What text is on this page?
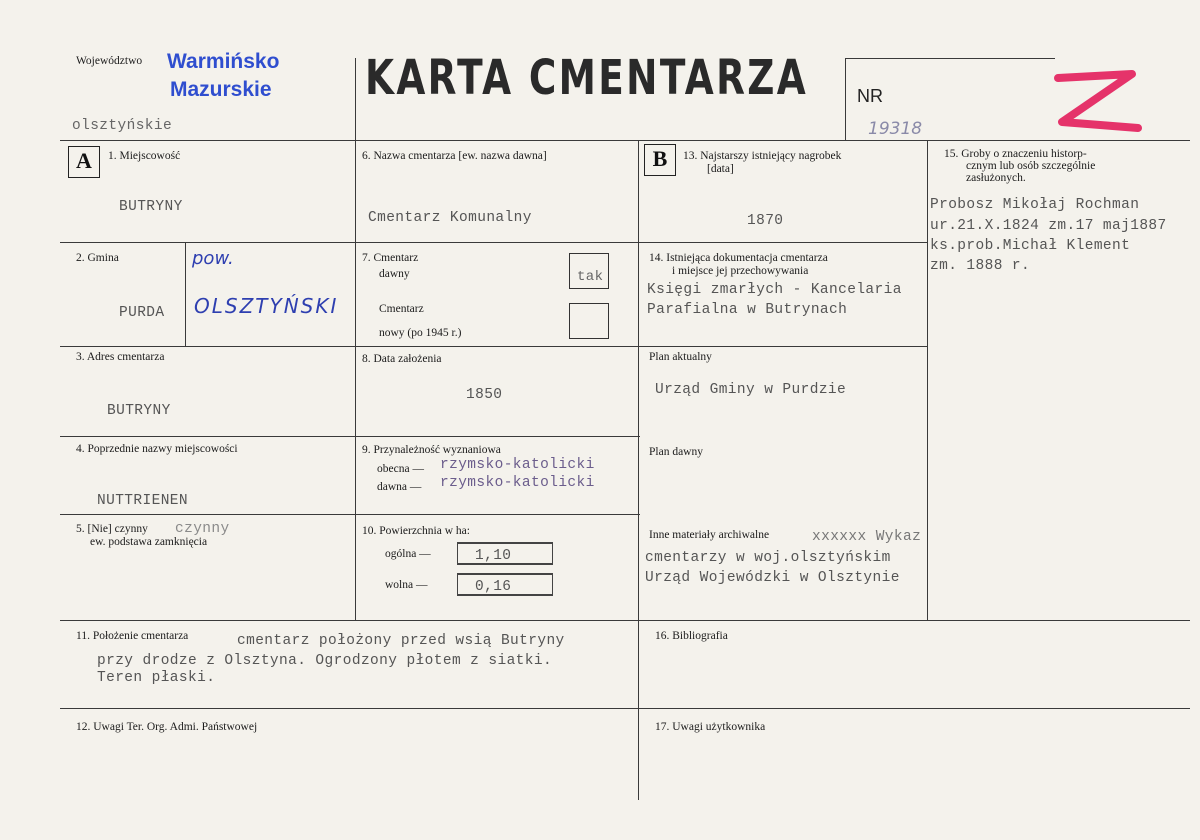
Województwo Warmińsko
Mazurskie
olsztyńskie
KARTA CMENTARZA	NR
19318
A	B
1. Miejscowość
BUTRYNY
2. Gmina
PURDA
pow.
OLSZTYŃSKI
3. Adres cmentarza
BUTRYNY
4. Poprzednie nazwy miejscowości
NUTTRIENEN
5. [Nie] czynny
ew. podstawa zamknięcia
czynny
6. Nazwa cmentarza [ew. nazwa dawna]
Cmentarz Komunalny
7. Cmentarz
dawny	tak
Cmentarz
nowy (po 1945 r.)
8. Data założenia
1850
9. Przynależność wyznaniowa
obecna — rzymsko-katolicki
dawna — rzymsko-katolicki
10. Powierzchnia w ha:
ogólna —	1,10
wolna —	0,16
13. Najstarszy istniejący nagrobek
[data]
1870
14. Istniejąca dokumentacja cmentarza
i miejsce jej przechowywania
Księgi zmarłych - Kancelaria
Parafialna w Butrynach
Plan aktualny
Urząd Gminy w Purdzie
Plan dawny
Inne materiały archiwalne	xxxxxx Wykaz
cmentarzy w woj.olsztyńskim
Urząd Wojewódzki w Olsztynie
15. Groby o znaczeniu historp-
cznym lub osób szczególnie
zasłużonych.
Probosz Mikołaj Rochman
ur.21.X.1824 zm.17 maj1887
ks.prob.Michał Klement
zm. 1888 r.
11. Położenie cmentarza	cmentarz położony przed wsią Butryny
przy drodze z Olsztyna. Ogrodzony płotem z siatki.
Teren płaski.
16. Bibliografia
12. Uwagi Ter. Org. Admi. Państwowej	17. Uwagi użytkownika
